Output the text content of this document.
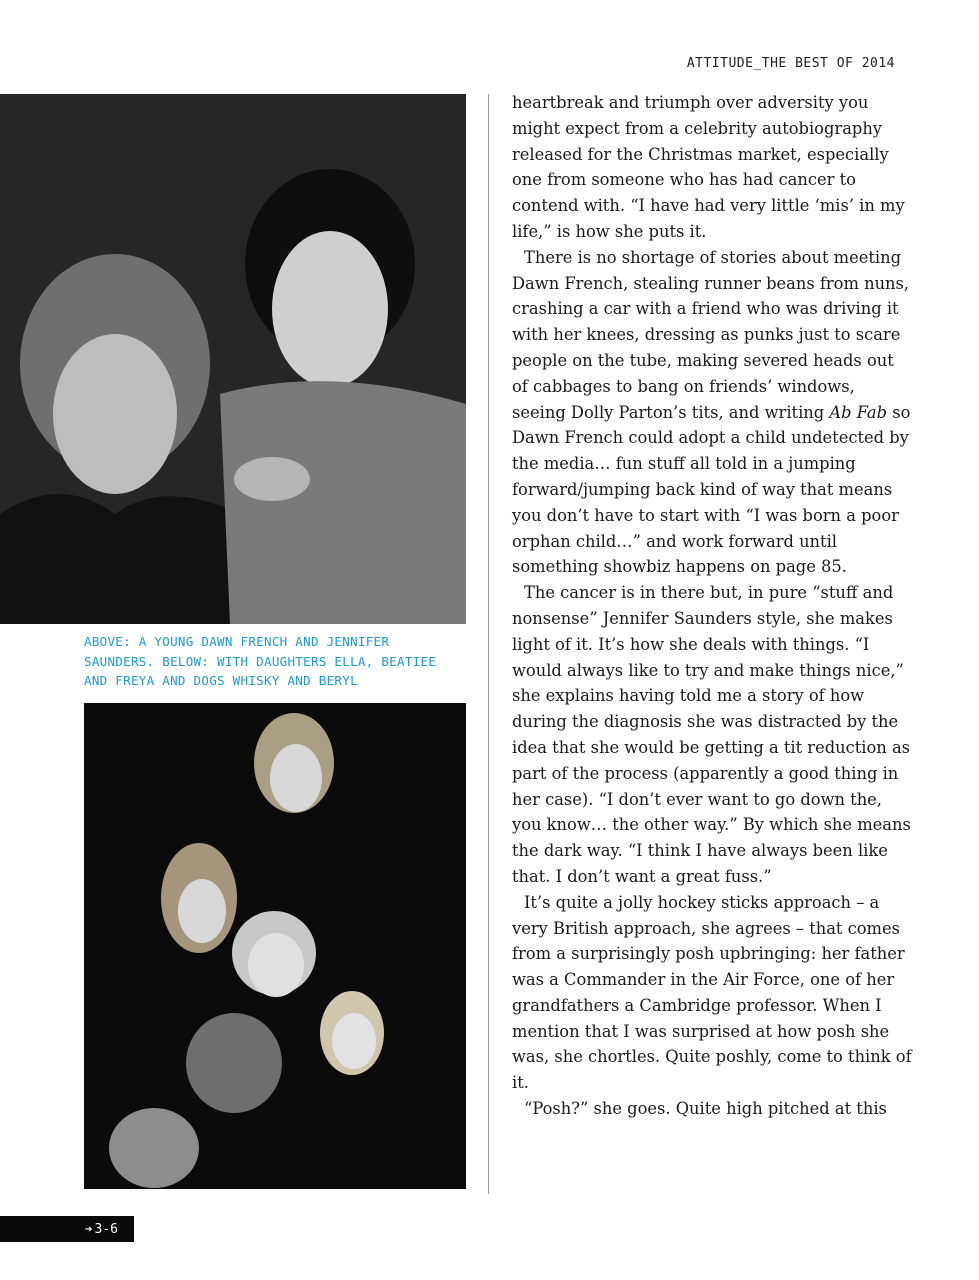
ATTITUDE_THE BEST OF 2014

ABOVE: A YOUNG DAWN FRENCH AND JENNIFER SAUNDERS. BELOW: WITH DAUGHTERS ELLA, BEATIEE AND FREYA AND DOGS WHISKY AND BERYL

heartbreak and triumph over adversity you might expect from a celebrity autobiography released for the Christmas market, especially one from someone who has had cancer to contend with. “I have had very little ‘mis’ in my life,” is how she puts it.

There is no shortage of stories about meeting Dawn French, stealing runner beans from nuns, crashing a car with a friend who was driving it with her knees, dressing as punks just to scare people on the tube, making severed heads out of cabbages to bang on friends’ windows, seeing Dolly Parton’s tits, and writing Ab Fab so Dawn French could adopt a child undetected by the media… fun stuff all told in a jumping forward/jumping back kind of way that means you don’t have to start with “I was born a poor orphan child…” and work forward until something showbiz happens on page 85.

The cancer is in there but, in pure “stuff and nonsense” Jennifer Saunders style, she makes light of it. It’s how she deals with things. “I would always like to try and make things nice,” she explains having told me a story of how during the diagnosis she was distracted by the idea that she would be getting a tit reduction as part of the process (apparently a good thing in her case). “I don’t ever want to go down the, you know… the other way.” By which she means the dark way. “I think I have always been like that. I don’t want a great fuss.”

It’s quite a jolly hockey sticks approach – a very British approach, she agrees – that comes from a surprisingly posh upbringing: her father was a Commander in the Air Force, one of her grandfathers a Cambridge professor. When I mention that I was surprised at how posh she was, she chortles. Quite poshly, come to think of it.

“Posh?” she goes. Quite high pitched at this

➔ 3-6
